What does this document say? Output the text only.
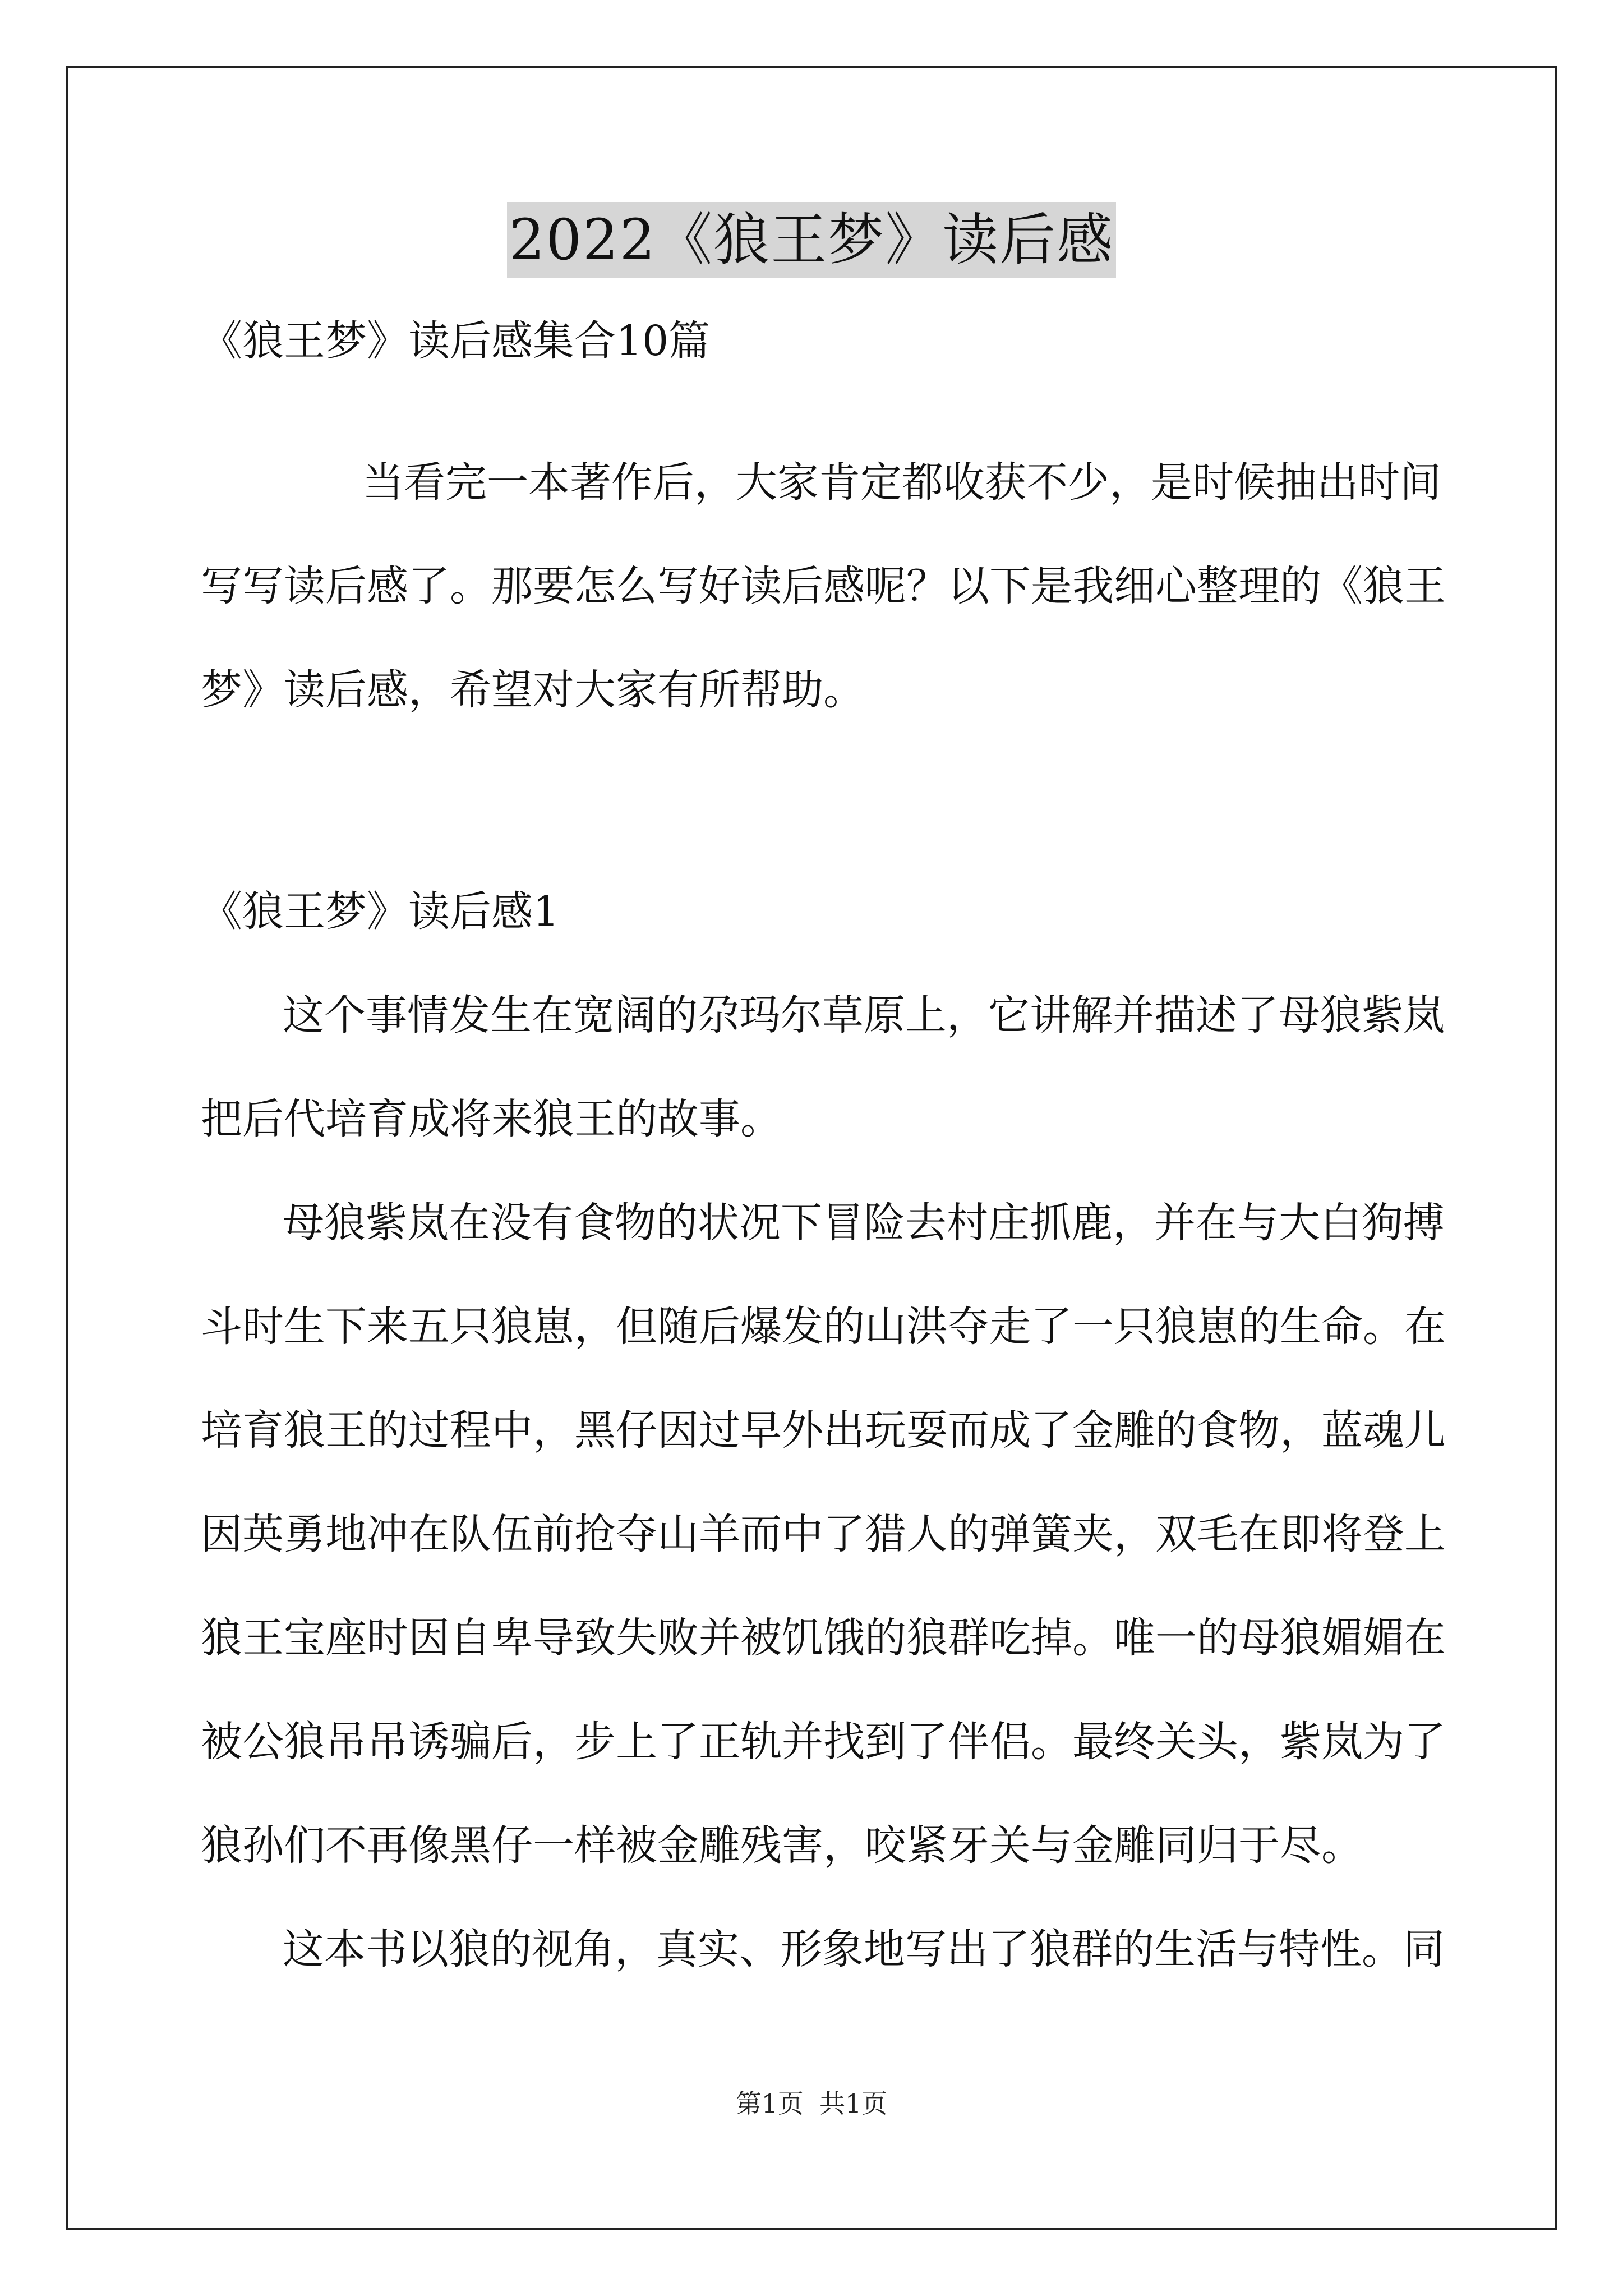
2022《狼王梦》读后感
《狼王梦》读后感集合10篇
当看完一本著作后，大家肯定都收获不少，是时候抽出时间
写写读后感了。那要怎么写好读后感呢？以下是我细心整理的《狼王
梦》读后感，希望对大家有所帮助。
《狼王梦》读后感1
这个事情发生在宽阔的尕玛尔草原上，它讲解并描述了母狼紫岚
把后代培育成将来狼王的故事。
母狼紫岚在没有食物的状况下冒险去村庄抓鹿，并在与大白狗搏
斗时生下来五只狼崽，但随后爆发的山洪夺走了一只狼崽的生命。在
培育狼王的过程中，黑仔因过早外出玩耍而成了金雕的食物，蓝魂儿
因英勇地冲在队伍前抢夺山羊而中了猎人的弹簧夹，双毛在即将登上
狼王宝座时因自卑导致失败并被饥饿的狼群吃掉。唯一的母狼媚媚在
被公狼吊吊诱骗后，步上了正轨并找到了伴侣。最终关头，紫岚为了
狼孙们不再像黑仔一样被金雕残害，咬紧牙关与金雕同归于尽。
这本书以狼的视角，真实、形象地写出了狼群的生活与特性。同
第1页 共1页
